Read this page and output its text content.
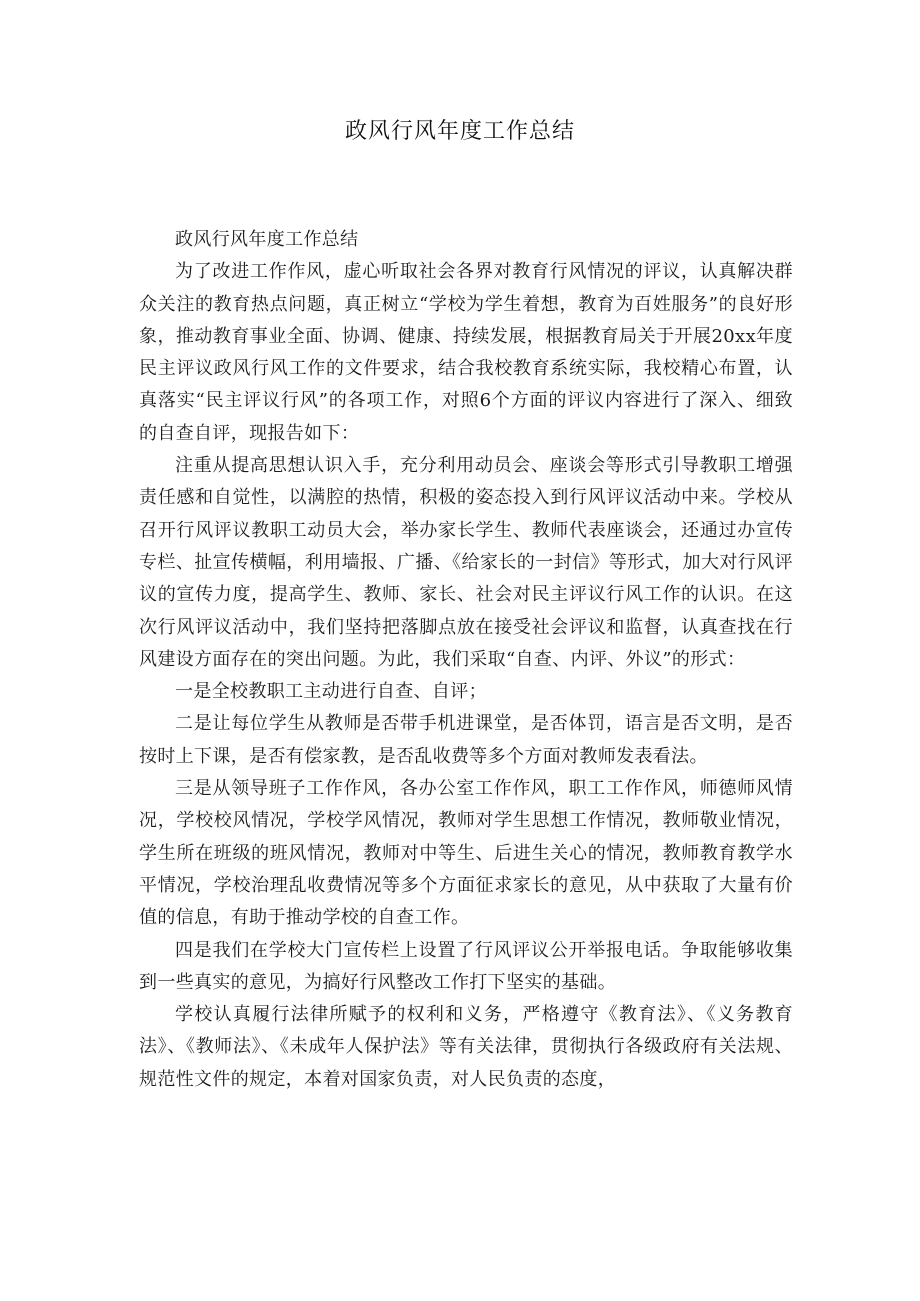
政风行风年度工作总结

政风行风年度工作总结

为了改进工作作风，虚心听取社会各界对教育行风情况的评议，认真解决群众关注的教育热点问题，真正树立“学校为学生着想，教育为百姓服务”的良好形象，推动教育事业全面、协调、健康、持续发展，根据教育局关于开展20xx年度民主评议政风行风工作的文件要求，结合我校教育系统实际，我校精心布置，认真落实“民主评议行风”的各项工作，对照6个方面的评议内容进行了深入、细致的自查自评，现报告如下：

注重从提高思想认识入手，充分利用动员会、座谈会等形式引导教职工增强责任感和自觉性，以满腔的热情，积极的姿态投入到行风评议活动中来。学校从召开行风评议教职工动员大会，举办家长学生、教师代表座谈会，还通过办宣传专栏、扯宣传横幅，利用墙报、广播、《给家长的一封信》等形式，加大对行风评议的宣传力度，提高学生、教师、家长、社会对民主评议行风工作的认识。在这次行风评议活动中，我们坚持把落脚点放在接受社会评议和监督，认真查找在行风建设方面存在的突出问题。为此，我们采取“自查、内评、外议”的形式：

一是全校教职工主动进行自查、自评；

二是让每位学生从教师是否带手机进课堂，是否体罚，语言是否文明，是否按时上下课，是否有偿家教，是否乱收费等多个方面对教师发表看法。

三是从领导班子工作作风，各办公室工作作风，职工工作作风，师德师风情况，学校校风情况，学校学风情况，教师对学生思想工作情况，教师敬业情况，学生所在班级的班风情况，教师对中等生、后进生关心的情况，教师教育教学水平情况，学校治理乱收费情况等多个方面征求家长的意见，从中获取了大量有价值的信息，有助于推动学校的自查工作。

四是我们在学校大门宣传栏上设置了行风评议公开举报电话。争取能够收集到一些真实的意见，为搞好行风整改工作打下坚实的基础。

学校认真履行法律所赋予的权利和义务，严格遵守《教育法》、《义务教育法》、《教师法》、《未成年人保护法》等有关法律，贯彻执行各级政府有关法规、规范性文件的规定，本着对国家负责，对人民负责的态度，
